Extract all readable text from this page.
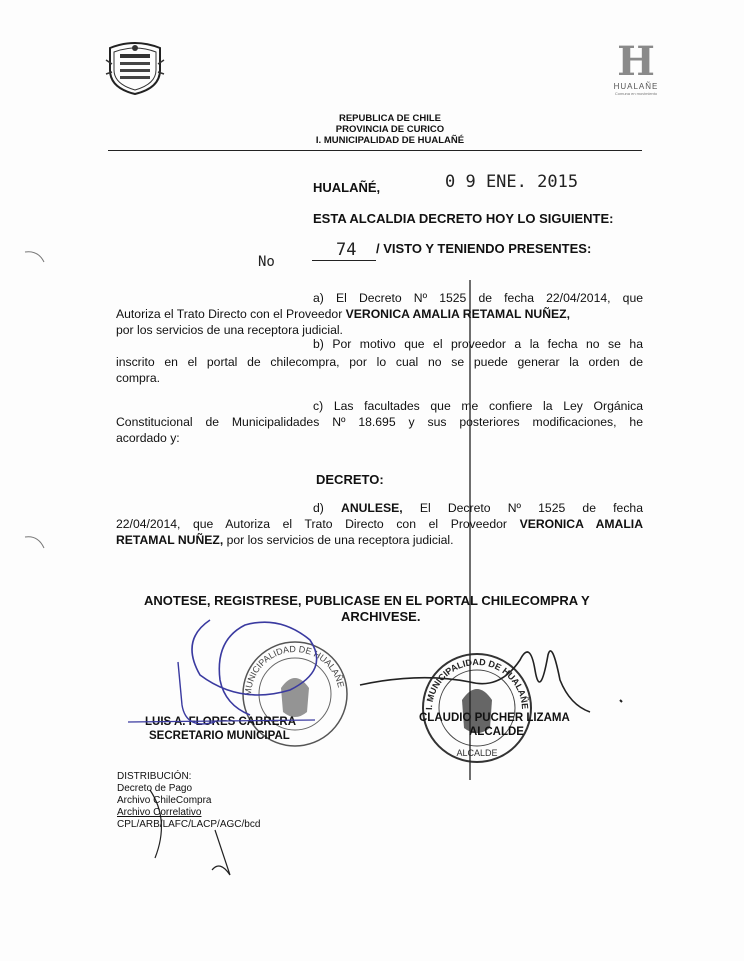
H
HUALAÑE
Comuna en movimiento
REPUBLICA DE CHILE
PROVINCIA DE CURICO
I. MUNICIPALIDAD DE HUALAÑÉ
HUALAÑÉ,	0 9 ENE. 2015
ESTA ALCALDIA DECRETO HOY LO SIGUIENTE:
No
74 / VISTO Y TENIENDO PRESENTES:
a) El Decreto Nº 1525 de fecha 22/04/2014, que
Autoriza el Trato Directo con el Proveedor VERONICA AMALIA RETAMAL NUÑEZ,
por los servicios de una receptora judicial.
b) Por motivo que el proveedor a la fecha no se ha
inscrito en el portal de chilecompra, por lo cual no se puede generar la orden de
compra.
c) Las facultades que me confiere la Ley Orgánica
Constitucional de Municipalidades Nº 18.695 y sus posteriores modificaciones, he
acordado y:
DECRETO:
d) ANULESE, El Decreto Nº 1525 de fecha
22/04/2014, que Autoriza el Trato Directo con el Proveedor VERONICA AMALIA
RETAMAL NUÑEZ, por los servicios de una receptora judicial.
ANOTESE, REGISTRESE, PUBLICASE EN EL PORTAL CHILECOMPRA Y
ARCHIVESE.
MUNICIPALIDAD DE HUALAÑE
I. MUNICIPALIDAD DE HUALAÑE
ALCALDE
LUIS A. FLORES CABRERA
SECRETARIO MUNICIPAL
CLAUDIO PUCHER LIZAMA
ALCALDE
DISTRIBUCIÓN:
Decreto de Pago
Archivo ChileCompra
Archivo Correlativo
CPL/ARB/LAFC/LACP/AGC/bcd
